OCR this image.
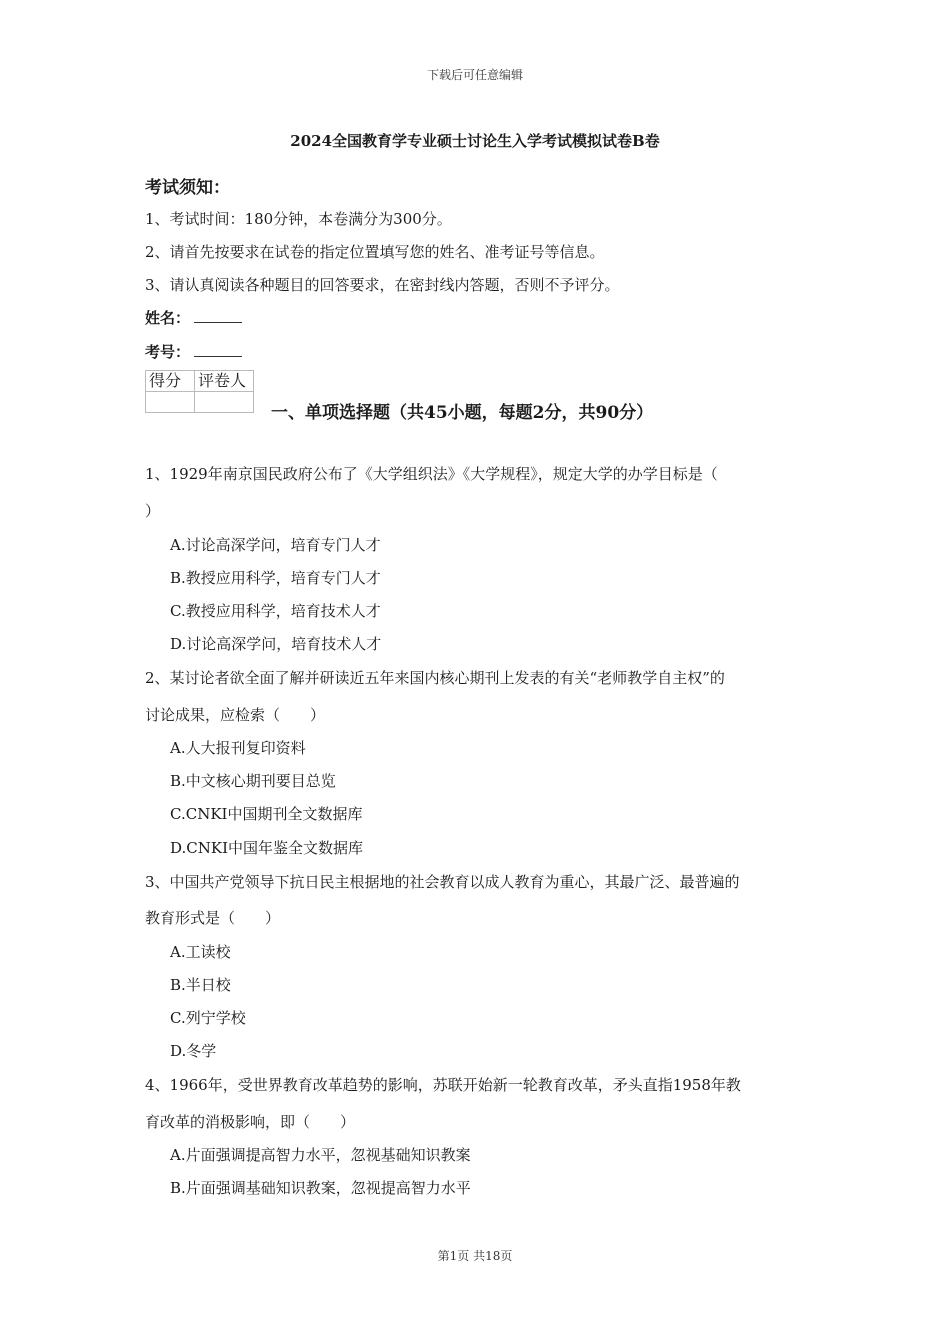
下载后可任意编辑
2024全国教育学专业硕士讨论生入学考试模拟试卷B卷
考试须知：
1、考试时间：180分钟，本卷满分为300分。
2、请首先按要求在试卷的指定位置填写您的姓名、准考证号等信息。
3、请认真阅读各种题目的回答要求，在密封线内答题，否则不予评分。
姓名：
考号：
得分	评卷人

一、单项选择题（共45小题，每题2分，共90分）
1、1929年南京国民政府公布了《大学组织法》《大学规程》，规定大学的办学目标是（
）
A.讨论高深学问，培育专门人才
B.教授应用科学，培育专门人才
C.教授应用科学，培育技术人才
D.讨论高深学问，培育技术人才
2、某讨论者欲全面了解并研读近五年来国内核心期刊上发表的有关“老师教学自主权”的
讨论成果，应检索（　　）
A.人大报刊复印资料
B.中文核心期刊要目总览
C.CNKI中国期刊全文数据库
D.CNKI中国年鉴全文数据库
3、中国共产党领导下抗日民主根据地的社会教育以成人教育为重心，其最广泛、最普遍的
教育形式是（　　）
A.工读校
B.半日校
C.列宁学校
D.冬学
4、1966年，受世界教育改革趋势的影响，苏联开始新一轮教育改革，矛头直指1958年教
育改革的消极影响，即（　　）
A.片面强调提高智力水平，忽视基础知识教案
B.片面强调基础知识教案，忽视提高智力水平
第1页 共18页
